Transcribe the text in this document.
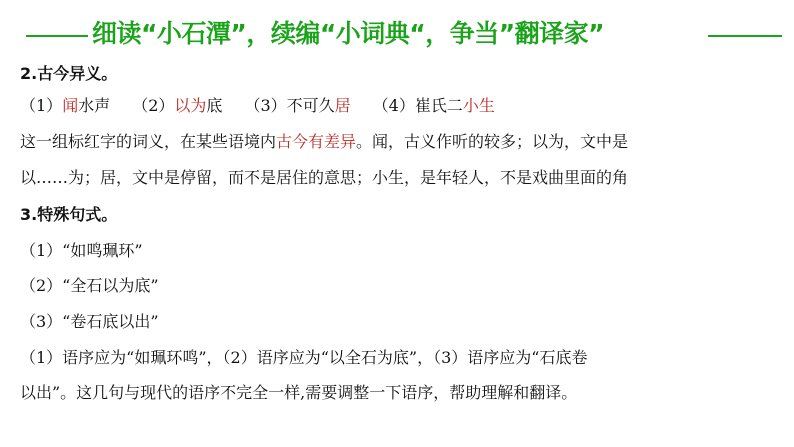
细读“小石潭”，续编“小词典“，争当”翻译家”
2.古今异义。
（1）闻水声 （2）以为底 （3）不可久居 （4）崔氏二小生
这一组标红字的词义，在某些语境内古今有差异。闻，古义作听的较多；以为，文中是
以……为；居，文中是停留，而不是居住的意思；小生，是年轻人，不是戏曲里面的角
3.特殊句式。
（1）“如鸣珮环”
（2）“全石以为底”
（3）“卷石底以出”
（1）语序应为“如珮环鸣”，（2）语序应为“以全石为底”，（3）语序应为“石底卷
以出”。这几句与现代的语序不完全一样,需要调整一下语序，帮助理解和翻译。
